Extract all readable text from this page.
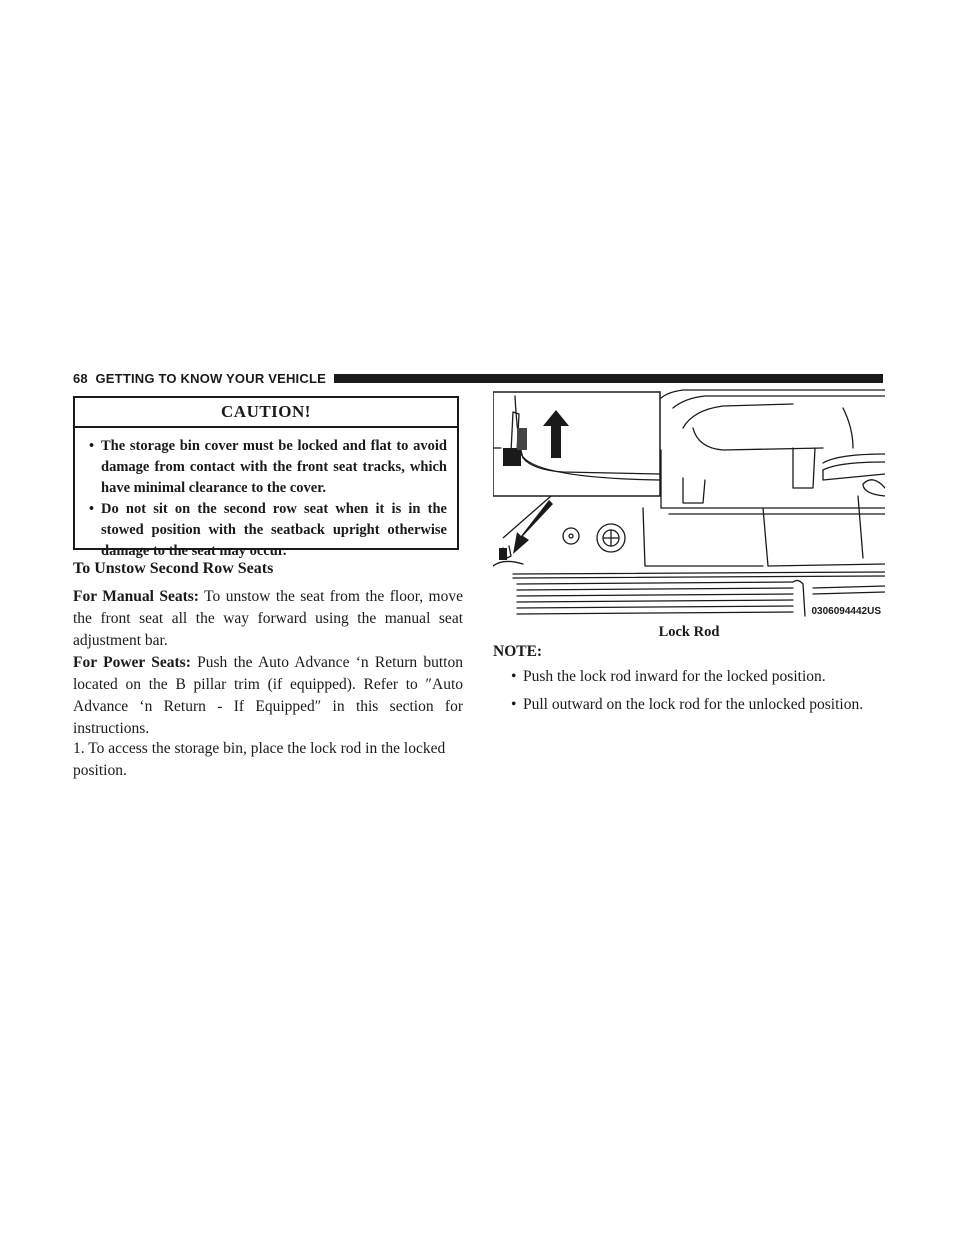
68 GETTING TO KNOW YOUR VEHICLE
CAUTION!
• The storage bin cover must be locked and flat to avoid damage from contact with the front seat tracks, which have minimal clearance to the cover.
• Do not sit on the second row seat when it is in the stowed position with the seatback upright otherwise damage to the seat may occur.
To Unstow Second Row Seats

For Manual Seats: To unstow the seat from the floor, move the front seat all the way forward using the manual seat adjustment bar.

For Power Seats: Push the Auto Advance ‘n Return button located on the B pillar trim (if equipped). Refer to ″Auto Advance ‘n Return - If Equipped″ in this section for instructions.

1. To access the storage bin, place the lock rod in the locked position.
0306094442US
Lock Rod
NOTE:
• Push the lock rod inward for the locked position.
• Pull outward on the lock rod for the unlocked position.
